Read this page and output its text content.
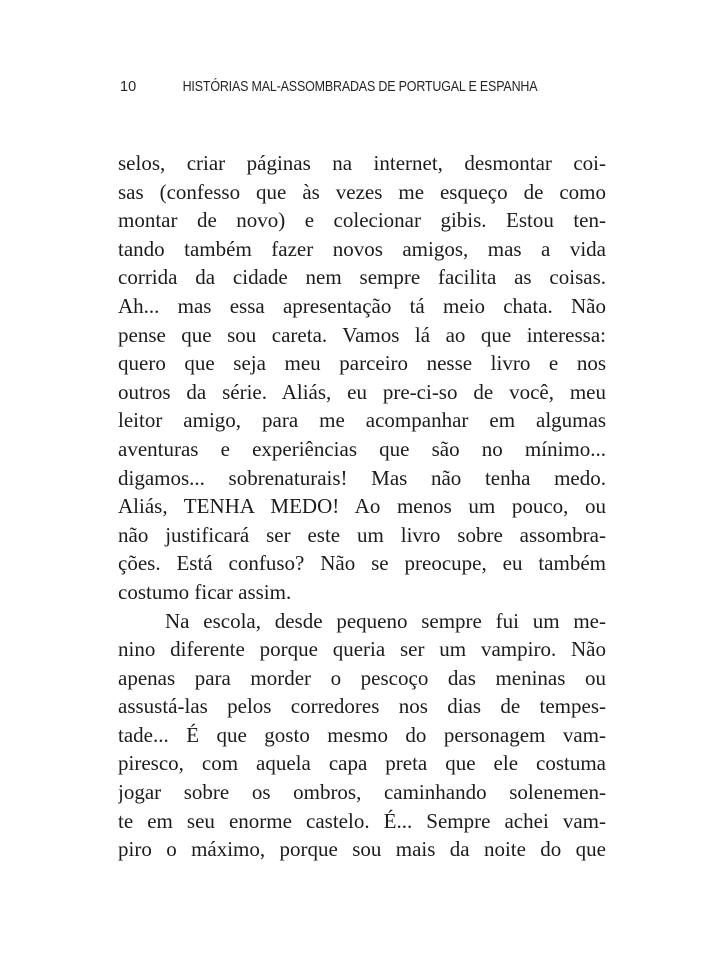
10	HISTÓRIAS MAL-ASSOMBRADAS DE PORTUGAL E ESPANHA
selos, criar páginas na internet, desmontar coi-
sas (confesso que às vezes me esqueço de como
montar de novo) e colecionar gibis. Estou ten-
tando também fazer novos amigos, mas a vida
corrida da cidade nem sempre facilita as coisas.
Ah... mas essa apresentação tá meio chata. Não
pense que sou careta. Vamos lá ao que interessa:
quero que seja meu parceiro nesse livro e nos
outros da série. Aliás, eu pre-ci-so de você, meu
leitor amigo, para me acompanhar em algumas
aventuras e experiências que são no mínimo...
digamos... sobrenaturais! Mas não tenha medo.
Aliás, TENHA MEDO! Ao menos um pouco, ou
não justificará ser este um livro sobre assombra-
ções. Está confuso? Não se preocupe, eu também
costumo ficar assim.
Na escola, desde pequeno sempre fui um me-
nino diferente porque queria ser um vampiro. Não
apenas para morder o pescoço das meninas ou
assustá-las pelos corredores nos dias de tempes-
tade... É que gosto mesmo do personagem vam-
piresco, com aquela capa preta que ele costuma
jogar sobre os ombros, caminhando solenemen-
te em seu enorme castelo. É... Sempre achei vam-
piro o máximo, porque sou mais da noite do que
